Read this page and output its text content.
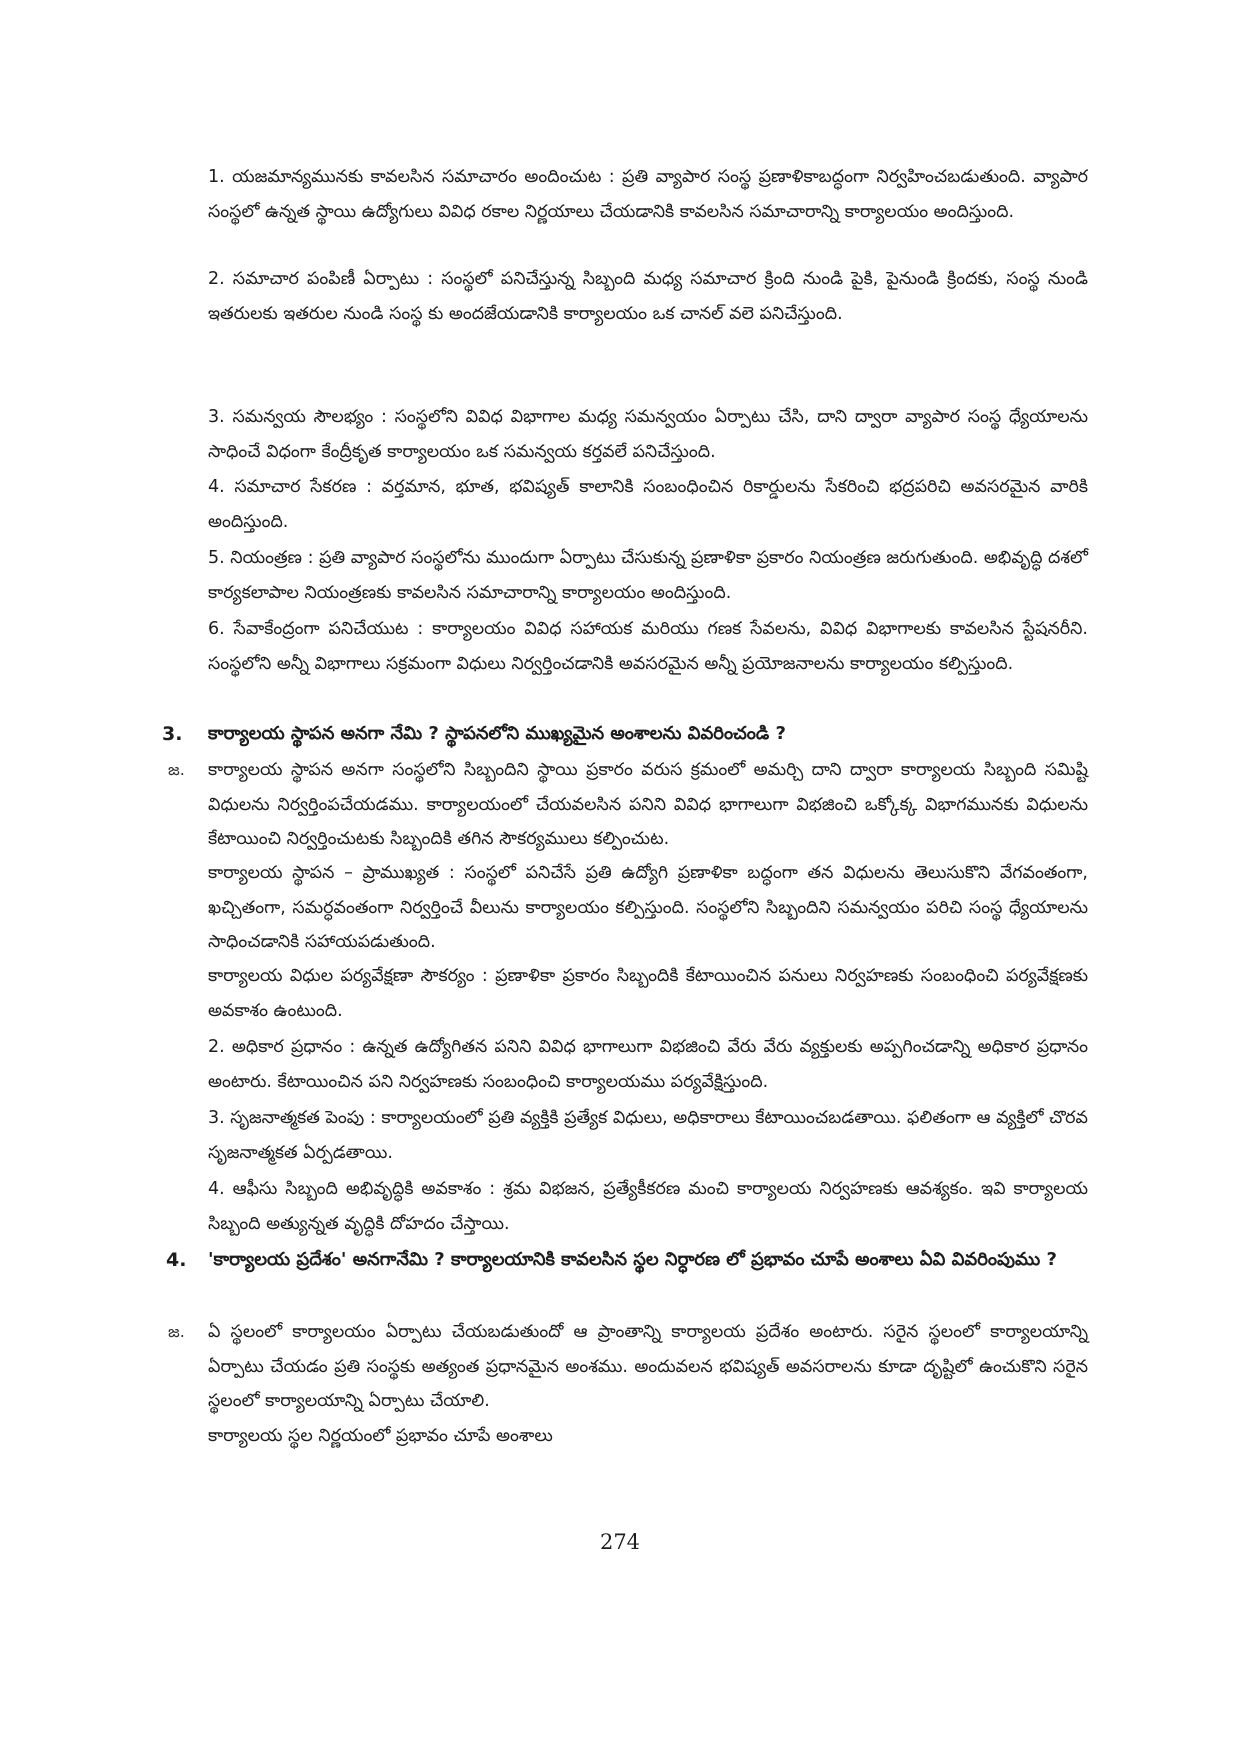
1. యజమాన్యమునకు కావలసిన సమాచారం అందించుట : ప్రతి వ్యాపార సంస్థ ప్రణాళికాబద్ధంగా నిర్వహించబడుతుంది. వ్యాపార సంస్థలో ఉన్నత స్థాయి ఉద్యోగులు వివిధ రకాల నిర్ణయాలు చేయడానికి కావలసిన సమాచారాన్ని కార్యాలయం అందిస్తుంది.

2. సమాచార పంపిణీ ఏర్పాటు : సంస్థలో పనిచేస్తున్న సిబ్బంది మధ్య సమాచార క్రింది నుండి పైకి, పైనుండి క్రిందకు, సంస్థ నుండి ఇతరులకు ఇతరుల నుండి సంస్థ కు అందజేయడానికి కార్యాలయం ఒక చానల్ వలె పనిచేస్తుంది.

3. సమన్వయ సౌలభ్యం : సంస్థలోని వివిధ విభాగాల మధ్య సమన్వయం ఏర్పాటు చేసి, దాని ద్వారా వ్యాపార సంస్థ ధ్యేయాలను సాధించే విధంగా కేంద్రీకృత కార్యాలయం ఒక సమన్వయ కర్తవలే పనిచేస్తుంది.

4. సమాచార సేకరణ : వర్తమాన, భూత, భవిష్యత్ కాలానికి సంబంధించిన రికార్డులను సేకరించి భద్రపరిచి అవసరమైన వారికి అందిస్తుంది.

5. నియంత్రణ : ప్రతి వ్యాపార సంస్థలోను ముందుగా ఏర్పాటు చేసుకున్న ప్రణాళికా ప్రకారం నియంత్రణ జరుగుతుంది. అభివృద్ధి దశలో కార్యకలాపాల నియంత్రణకు కావలసిన సమాచారాన్ని కార్యాలయం అందిస్తుంది.

6. సేవాకేంద్రంగా పనిచేయుట : కార్యాలయం వివిధ సహాయక మరియు గణక సేవలను, వివిధ విభాగాలకు కావలసిన స్టేషనరీని. సంస్థలోని అన్నీ విభాగాలు సక్రమంగా విధులు నిర్వర్తించడానికి అవసరమైన అన్నీ ప్రయోజనాలను కార్యాలయం కల్పిస్తుంది.

3. కార్యాలయ స్థాపన అనగా నేమి ? స్థాపనలోని ముఖ్యమైన అంశాలను వివరించండి ?

జ. కార్యాలయ స్థాపన అనగా సంస్థలోని సిబ్బందిని స్థాయి ప్రకారం వరుస క్రమంలో అమర్చి దాని ద్వారా కార్యాలయ సిబ్బంది సమిష్టి విధులను నిర్వర్తింపచేయడము. కార్యాలయంలో చేయవలసిన పనిని వివిధ భాగాలుగా విభజించి ఒక్కోక్క విభాగమునకు విధులను కేటాయించి నిర్వర్తించుటకు సిబ్బందికి తగిన సౌకర్యములు కల్పించుట.

కార్యాలయ స్థాపన – ప్రాముఖ్యత : సంస్థలో పనిచేసే ప్రతి ఉద్యోగి ప్రణాళికా బద్ధంగా తన విధులను తెలుసుకొని వేగవంతంగా, ఖచ్చితంగా, సమర్ధవంతంగా నిర్వర్తించే వీలును కార్యాలయం కల్పిస్తుంది. సంస్థలోని సిబ్బందిని సమన్వయం పరిచి సంస్థ ధ్యేయాలను సాధించడానికి సహాయపడుతుంది.

కార్యాలయ విధుల పర్యవేక్షణా సౌకర్యం : ప్రణాళికా ప్రకారం సిబ్బందికి కేటాయించిన పనులు నిర్వహణకు సంబంధించి పర్యవేక్షణకు అవకాశం ఉంటుంది.

2. అధికార ప్రధానం : ఉన్నత ఉద్యోగితన పనిని వివిధ భాగాలుగా విభజించి వేరు వేరు వ్యక్తులకు అప్పగించడాన్ని అధికార ప్రధానం అంటారు. కేటాయించిన పని నిర్వహణకు సంబంధించి కార్యాలయము పర్యవేక్షిస్తుంది.

3. సృజనాత్మకత పెంపు : కార్యాలయంలో ప్రతి వ్యక్తికి ప్రత్యేక విధులు, అధికారాలు కేటాయించబడతాయి. ఫలితంగా ఆ వ్యక్తిలో చొరవ సృజనాత్మకత ఏర్పడతాయి.

4. ఆఫీసు సిబ్బంది అభివృద్ధికి అవకాశం : శ్రమ విభజన, ప్రత్యేకీకరణ మంచి కార్యాలయ నిర్వహణకు ఆవశ్యకం. ఇవి కార్యాలయ సిబ్బంది అత్యున్నత వృద్ధికి దోహదం చేస్తాయి.

4. 'కార్యాలయ ప్రదేశం' అనగానేమి ? కార్యాలయానికి కావలసిన స్థల నిర్ధారణ లో ప్రభావం చూపే అంశాలు ఏవి వివరింపుము ?

జ. ఏ స్థలంలో కార్యాలయం ఏర్పాటు చేయబడుతుందో ఆ ప్రాంతాన్ని కార్యాలయ ప్రదేశం అంటారు. సరైన స్థలంలో కార్యాలయాన్ని ఏర్పాటు చేయడం ప్రతి సంస్థకు అత్యంత ప్రధానమైన అంశము. అందువలన భవిష్యత్ అవసరాలను కూడా దృష్టిలో ఉంచుకొని సరైన స్థలంలో కార్యాలయాన్ని ఏర్పాటు చేయాలి.

కార్యాలయ స్థల నిర్ణయంలో ప్రభావం చూపే అంశాలు

274
